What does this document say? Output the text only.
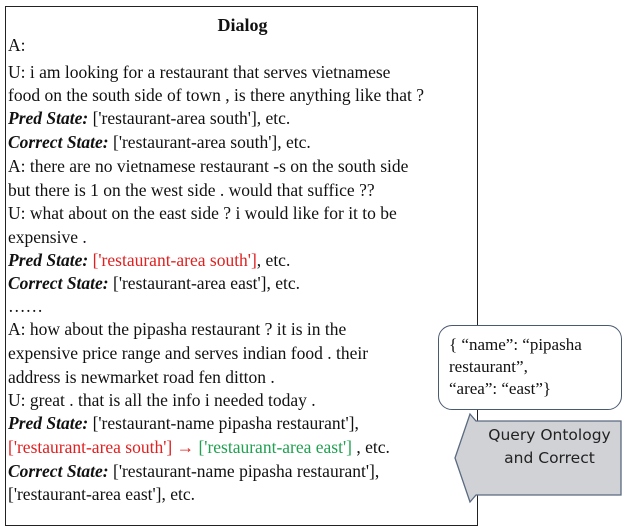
Dialog
A:
U: i am looking for a restaurant that serves vietnamese
food on the south side of town , is there anything like that ?
Pred State: ['restaurant-area south'], etc.
Correct State: ['restaurant-area south'], etc.
A: there are no vietnamese restaurant -s on the south side
but there is 1 on the west side . would that suffice ??
U: what about on the east side ? i would like for it to be
expensive .
Pred State: ['restaurant-area south'], etc.
Correct State: ['restaurant-area east'], etc.
……
A: how about the pipasha restaurant ? it is in the
expensive price range and serves indian food . their
address is newmarket road fen ditton .
U: great . that is all the info i needed today .
Pred State: ['restaurant-name pipasha restaurant'],
['restaurant-area south'] → ['restaurant-area east'] , etc.
Correct State: ['restaurant-name pipasha restaurant'],
['restaurant-area east'], etc.
Query Ontology
and Correct
{ “name”: “pipasha
restaurant”,
“area”: “east”}
